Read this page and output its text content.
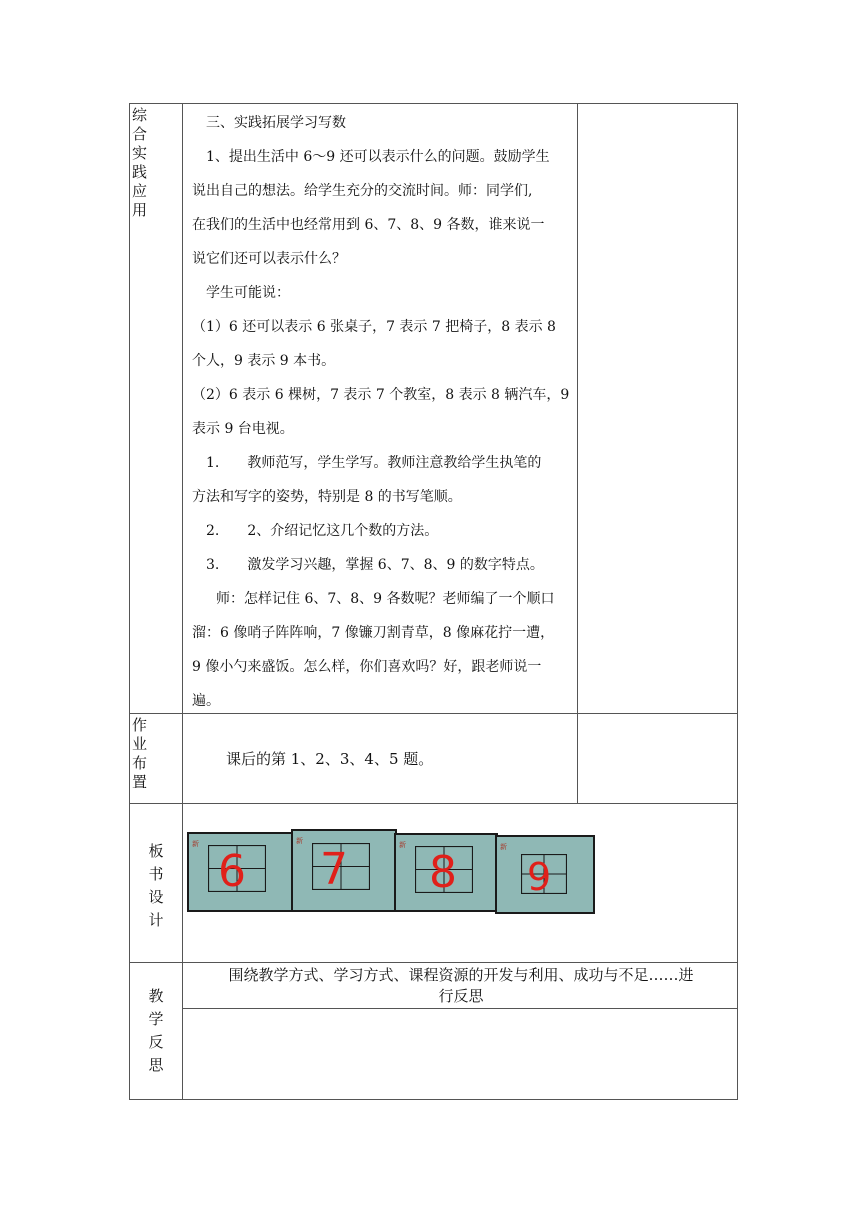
综
合
实
践
应
用
三、实践拓展学习写数
1、提出生活中 6～9 还可以表示什么的问题。鼓励学生
说出自己的想法。给学生充分的交流时间。师：同学们,
在我们的生活中也经常用到 6、7、8、9 各数，谁来说一
说它们还可以表示什么？
学生可能说：
（1）6 还可以表示 6 张桌子，7 表示 7 把椅子，8 表示 8
个人，9 表示 9 本书。
（2）6 表示 6 棵树，7 表示 7 个教室，8 表示 8 辆汽车，9
表示 9 台电视。
1.　　教师范写，学生学写。教师注意教给学生执笔的
方法和写字的姿势，特别是 8 的书写笔顺。
2.　　2、介绍记忆这几个数的方法。
3.　　激发学习兴趣，掌握 6、7、8、9 的数字特点。
师：怎样记住 6、7、8、9 各数呢？老师编了一个顺口
溜：6 像哨子阵阵响，7 像镰刀割青草，8 像麻花拧一遭，
9 像小勺来盛饭。怎么样，你们喜欢吗？好，跟老师说一
遍。
作
业
布
置
课后的第 1、2、3、4、5 题。
板
书
设
计
新
6
新
7	新
8	新
9
教
学
反
思
围绕教学方式、学习方式、课程资源的开发与利用、成功与不足……进
行反思
